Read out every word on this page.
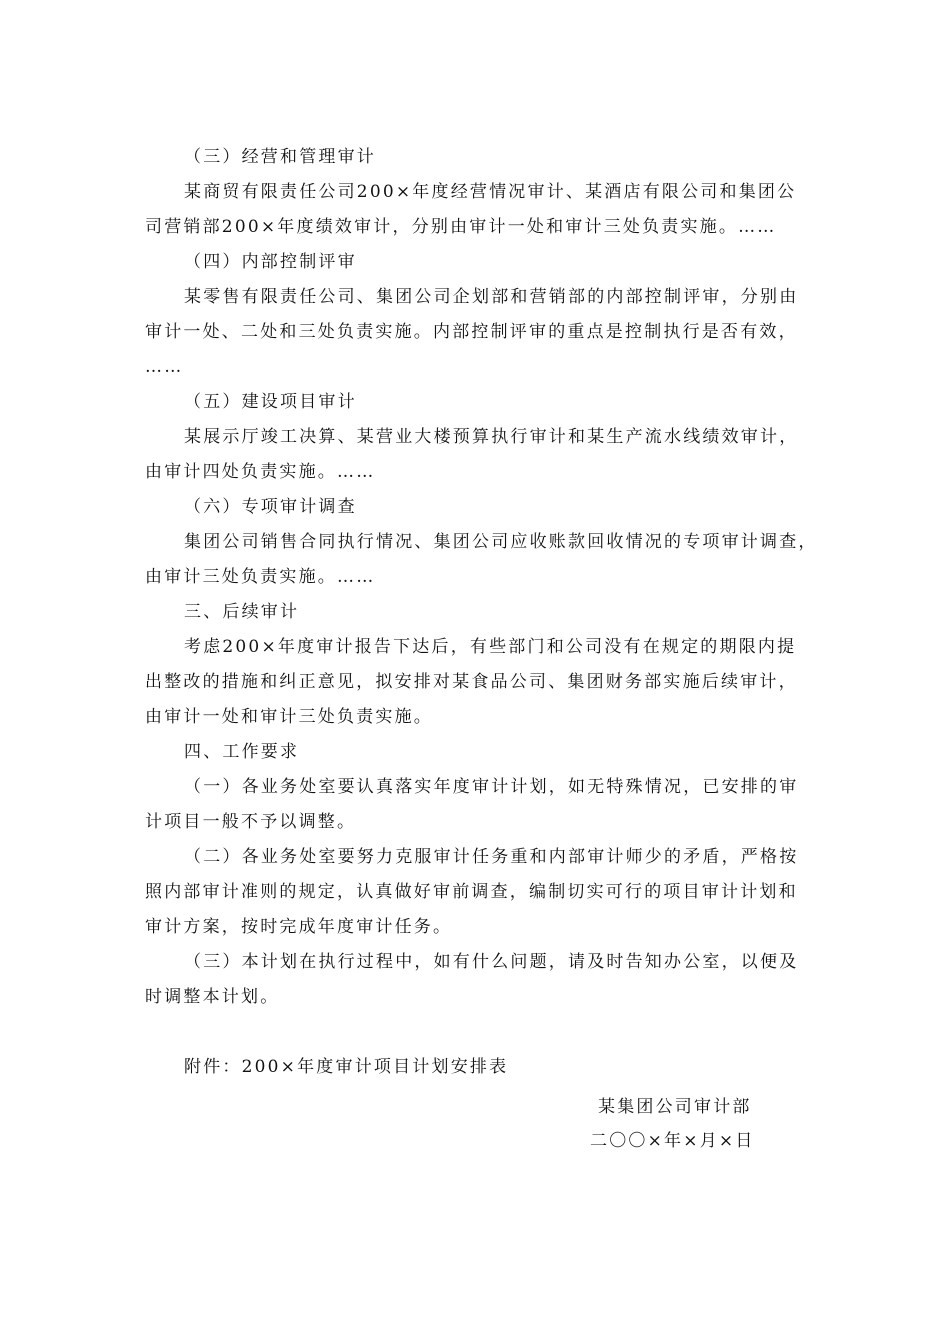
（三）经营和管理审计
某商贸有限责任公司200×年度经营情况审计、某酒店有限公司和集团公
司营销部200×年度绩效审计，分别由审计一处和审计三处负责实施。……
（四）内部控制评审
某零售有限责任公司、集团公司企划部和营销部的内部控制评审，分别由
审计一处、二处和三处负责实施。内部控制评审的重点是控制执行是否有效，
……
（五）建设项目审计
某展示厅竣工决算、某营业大楼预算执行审计和某生产流水线绩效审计，
由审计四处负责实施。……
（六）专项审计调查
集团公司销售合同执行情况、集团公司应收账款回收情况的专项审计调查，
由审计三处负责实施。……
三、后续审计
考虑200×年度审计报告下达后，有些部门和公司没有在规定的期限内提
出整改的措施和纠正意见，拟安排对某食品公司、集团财务部实施后续审计，
由审计一处和审计三处负责实施。
四、工作要求
（一）各业务处室要认真落实年度审计计划，如无特殊情况，已安排的审
计项目一般不予以调整。
（二）各业务处室要努力克服审计任务重和内部审计师少的矛盾，严格按
照内部审计准则的规定，认真做好审前调查，编制切实可行的项目审计计划和
审计方案，按时完成年度审计任务。
（三）本计划在执行过程中，如有什么问题，请及时告知办公室，以便及
时调整本计划。
附件：200×年度审计项目计划安排表
某集团公司审计部
二〇〇×年×月×日
